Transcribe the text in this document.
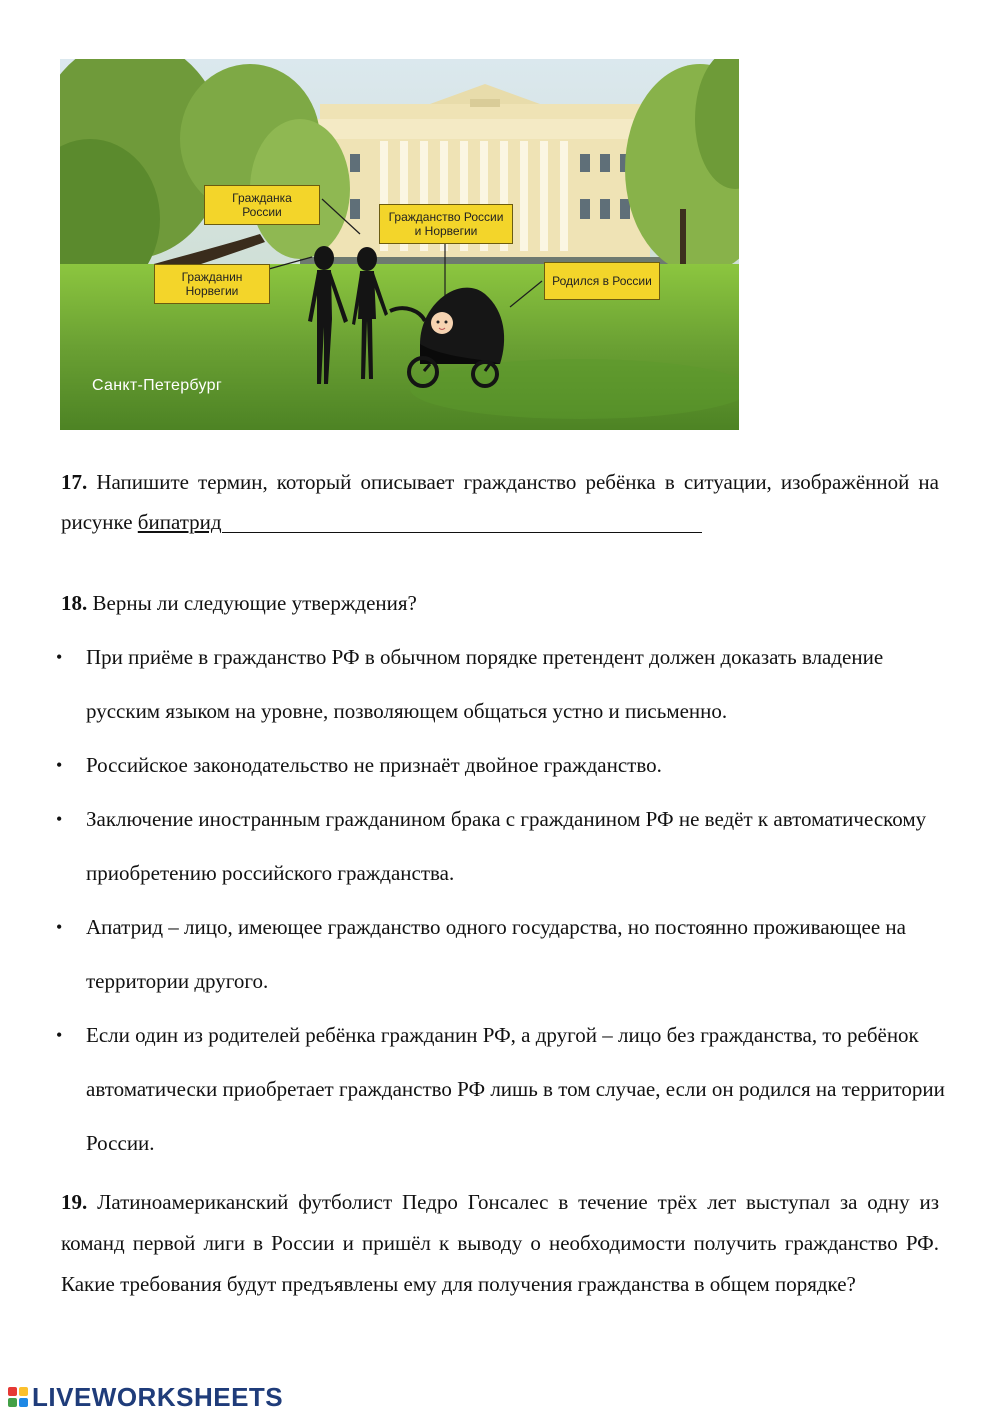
Гражданка
России	Гражданство России
и Норвегии
Гражданин
Норвегии
Родился в России
Санкт-Петербург
17. Напишите термин, который описывает гражданство ребёнка в ситуации, изображённой на рисунке бипатрид
18. Верны ли следующие утверждения?
• При приёме в гражданство РФ в обычном порядке претендент должен доказать владение русским языком на уровне, позволяющем общаться устно и письменно.
• Российское законодательство не признаёт двойное гражданство.
• Заключение иностранным гражданином брака с гражданином РФ не ведёт к автоматическому приобретению российского гражданства.
• Апатрид – лицо, имеющее гражданство одного государства, но постоянно проживающее на территории другого.
• Если один из родителей ребёнка гражданин РФ, а другой – лицо без гражданства, то ребёнок автоматически приобретает гражданство РФ лишь в том случае, если он родился на территории России.
19. Латиноамериканский футболист Педро Гонсалес в течение трёх лет выступал за одну из команд первой лиги в России и пришёл к выводу о необходимости получить гражданство РФ. Какие требования будут предъявлены ему для получения гражданства в общем порядке?
LIVEWORKSHEETS
